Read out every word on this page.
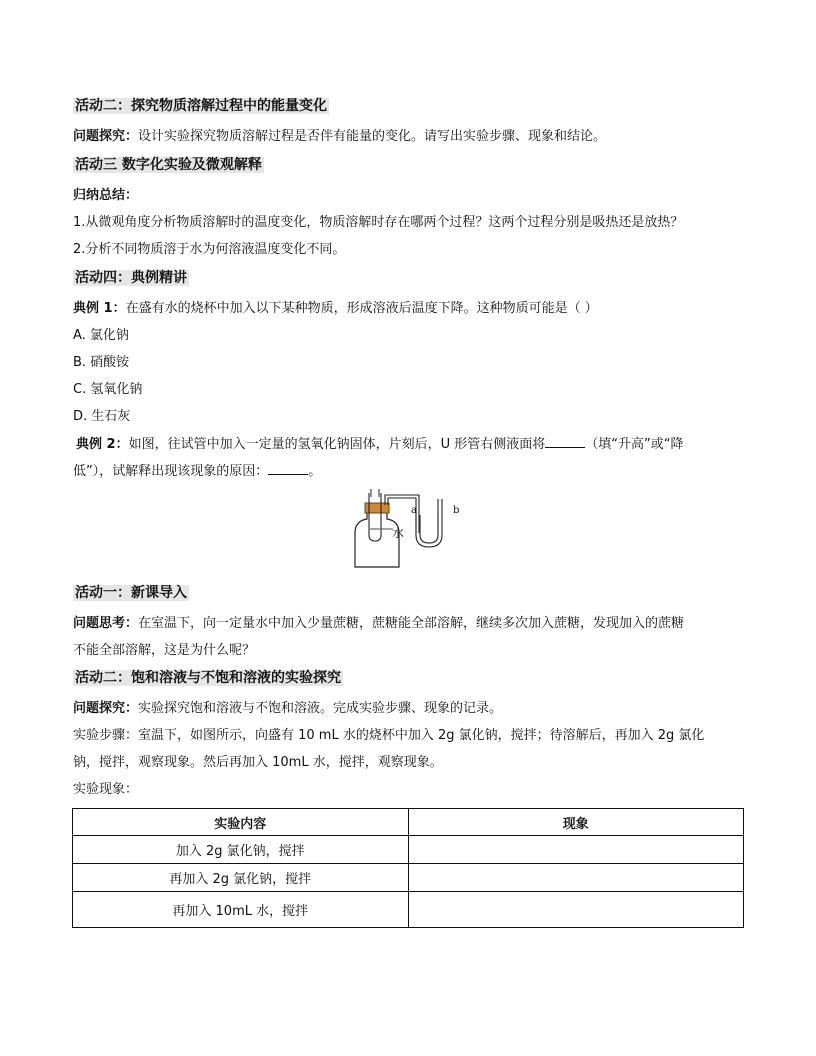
活动二：探究物质溶解过程中的能量变化
问题探究：设计实验探究物质溶解过程是否伴有能量的变化。请写出实验步骤、现象和结论。
活动三 数字化实验及微观解释
归纳总结：
1.从微观角度分析物质溶解时的温度变化，物质溶解时存在哪两个过程？这两个过程分别是吸热还是放热？
2.分析不同物质溶于水为何溶液温度变化不同。
活动四：典例精讲
典例 1：在盛有水的烧杯中加入以下某种物质，形成溶液后温度下降。这种物质可能是（ ）
A. 氯化钠
B. 硝酸铵
C. 氢氧化钠
D. 生石灰
典例 2：如图，往试管中加入一定量的氢氧化钠固体，片刻后，U 形管右侧液面将	（填“升高”或“降
低”），试解释出现该现象的原因：	。
水
a	b
活动一：新课导入
问题思考：在室温下，向一定量水中加入少量蔗糖，蔗糖能全部溶解，继续多次加入蔗糖，发现加入的蔗糖
不能全部溶解，这是为什么呢？
活动二：饱和溶液与不饱和溶液的实验探究
问题探究：实验探究饱和溶液与不饱和溶液。完成实验步骤、现象的记录。
实验步骤：室温下，如图所示，向盛有 10 mL 水的烧杯中加入 2g 氯化钠，搅拌；待溶解后，再加入 2g 氯化
钠，搅拌，观察现象。然后再加入 10mL 水，搅拌，观察现象。
实验现象：
实验内容	现象
加入 2g 氯化钠，搅拌	
再加入 2g 氯化钠，搅拌	
再加入 10mL 水，搅拌	
